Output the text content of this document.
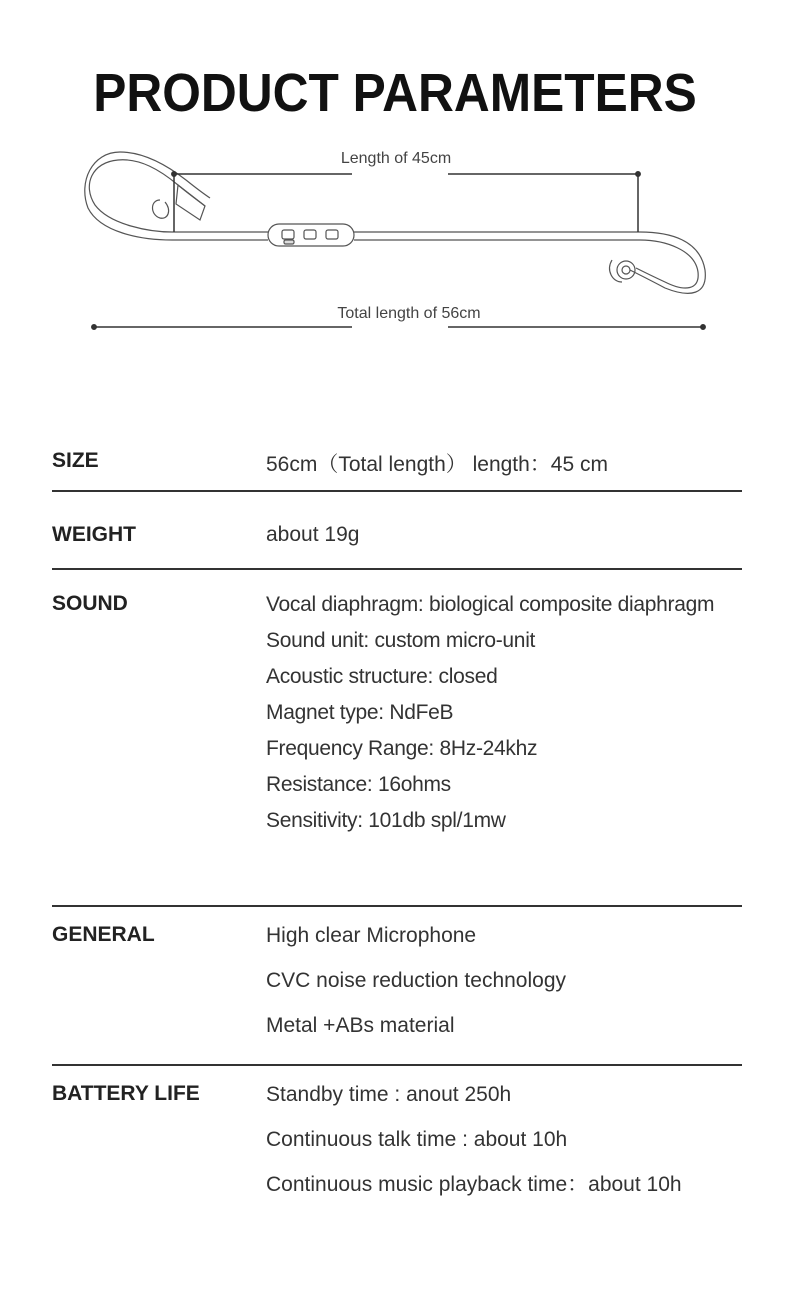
PRODUCT PARAMETERS
Length of 45cm
Total length of 56cm
SIZE	56cm（Total length） length：45 cm
WEIGHT	about 19g
SOUND	Vocal diaphragm: biological composite diaphragm
Sound unit: custom micro-unit
Acoustic structure: closed
Magnet type: NdFeB
Frequency Range: 8Hz-24khz
Resistance: 16ohms
Sensitivity: 101db spl/1mw
GENERAL	High clear Microphone
CVC noise reduction technology
Metal +ABs material
BATTERY LIFE	Standby time : anout 250h
Continuous talk time : about 10h
Continuous music playback time：about 10h
